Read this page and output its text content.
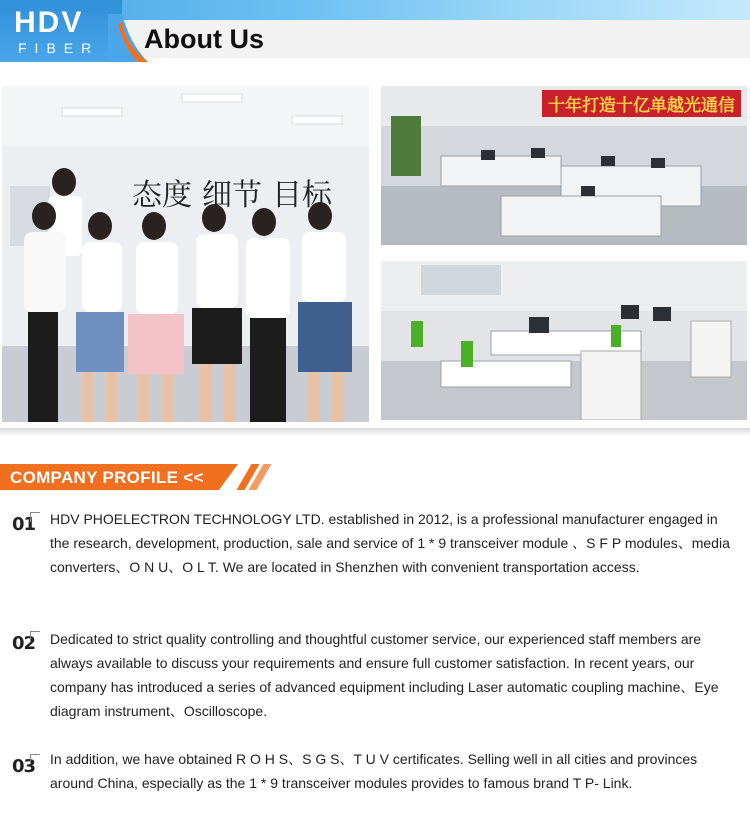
HDV
FIBER About Us
态度 细节 目标
十年打造十亿单越光通信
COMPANY PROFILE <<
01 HDV PHOELECTRON TECHNOLOGY LTD. established in 2012, is a professional manufacturer engaged in the research, development, production, sale and service of 1 * 9 transceiver module 、S F P modules、media converters、O N U、O L T. We are located in Shenzhen with convenient transportation access.
02 Dedicated to strict quality controlling and thoughtful customer service, our experienced staff members are always available to discuss your requirements and ensure full customer satisfaction. In recent years, our company has introduced a series of advanced equipment including Laser automatic coupling machine、Eye diagram instrument、Oscilloscope.
03 In addition, we have obtained R O H S、S G S、T U V certificates. Selling well in all cities and provinces around China, especially as the 1 * 9 transceiver modules provides to famous brand T P- Link.
